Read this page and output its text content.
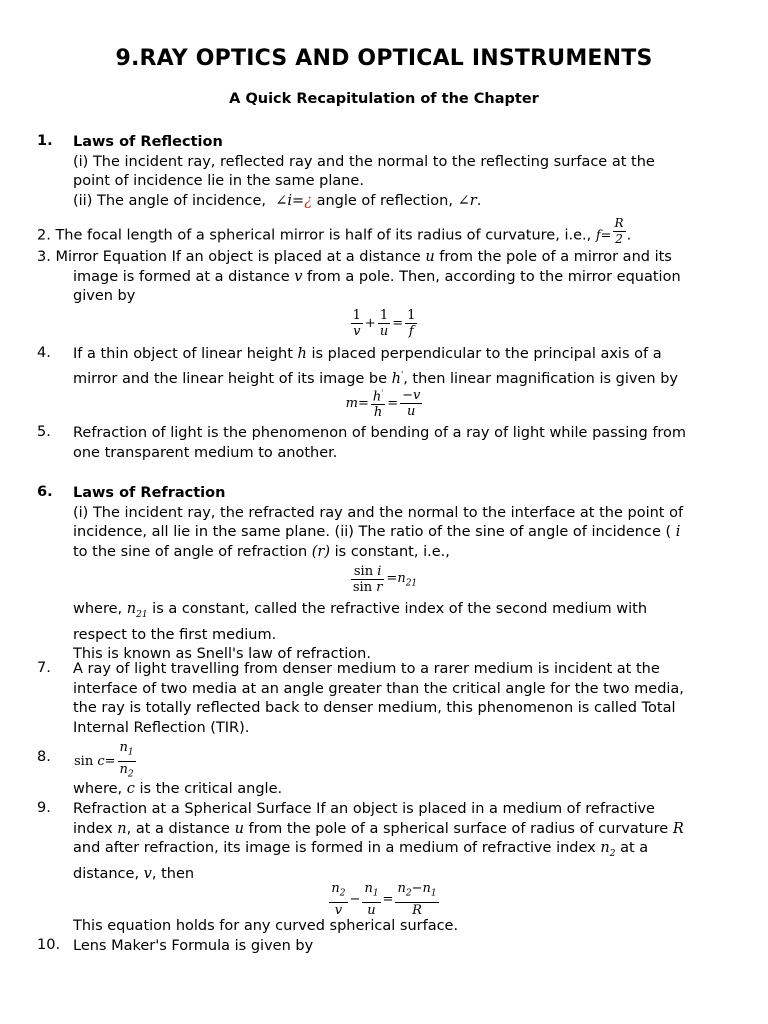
9.RAY OPTICS AND OPTICAL INSTRUMENTS
A Quick Recapitulation of the Chapter
1. Laws of Reflection
(i) The incident ray, reflected ray and the normal to the reflecting surface at the
point of incidence lie in the same plane.
(ii) The angle of incidence,  ∠i=¿ angle of reflection, ∠r.
2. The focal length of a spherical mirror is half of its radius of curvature, i.e., $f= \frac{R}{2}$ .
3. Mirror Equation If an object is placed at a distance u from the pole of a mirror and its
image is formed at a distance v from a pole. Then, according to the mirror equation
given by
$\frac{1}{v} + \frac{1}{u} = \frac{1}{f}$
4. If a thin object of linear height h is placed perpendicular to the principal axis of a
mirror and the linear height of its image be h', then linear magnification is given by
$m= \frac{h'}{h} = \frac{-v}{u}$
5. Refraction of light is the phenomenon of bending of a ray of light while passing from
one transparent medium to another.
6. Laws of Refraction
(i) The incident ray, the refracted ray and the normal to the interface at the point of
incidence, all lie in the same plane. (ii) The ratio of the sine of angle of incidence ( i
to the sine of angle of refraction (r) is constant, i.e.,
$\frac{\text{sin i}}{\text{sin r}} =n_{21}$
where, $n_{21}$ is a constant, called the refractive index of the second medium with
respect to the first medium.
This is known as Snell's law of refraction.
7. A ray of light travelling from denser medium to a rarer medium is incident at the
interface of two media at an angle greater than the critical angle for the two media,
the ray is totally reflected back to denser medium, this phenomenon is called Total
Internal Reflection (TIR).
8. $\sin c= \frac{n_1}{n_2}$
where, c is the critical angle.
9. Refraction at a Spherical Surface If an object is placed in a medium of refractive
index n, at a distance u from the pole of a spherical surface of radius of curvature R
and after refraction, its image is formed in a medium of refractive index $n_2$ at a
distance, v, then
$\frac{n_2}{v} - \frac{n_1}{u} = \frac{n_2-n_1}{R}$
This equation holds for any curved spherical surface.
10. Lens Maker's Formula is given by
